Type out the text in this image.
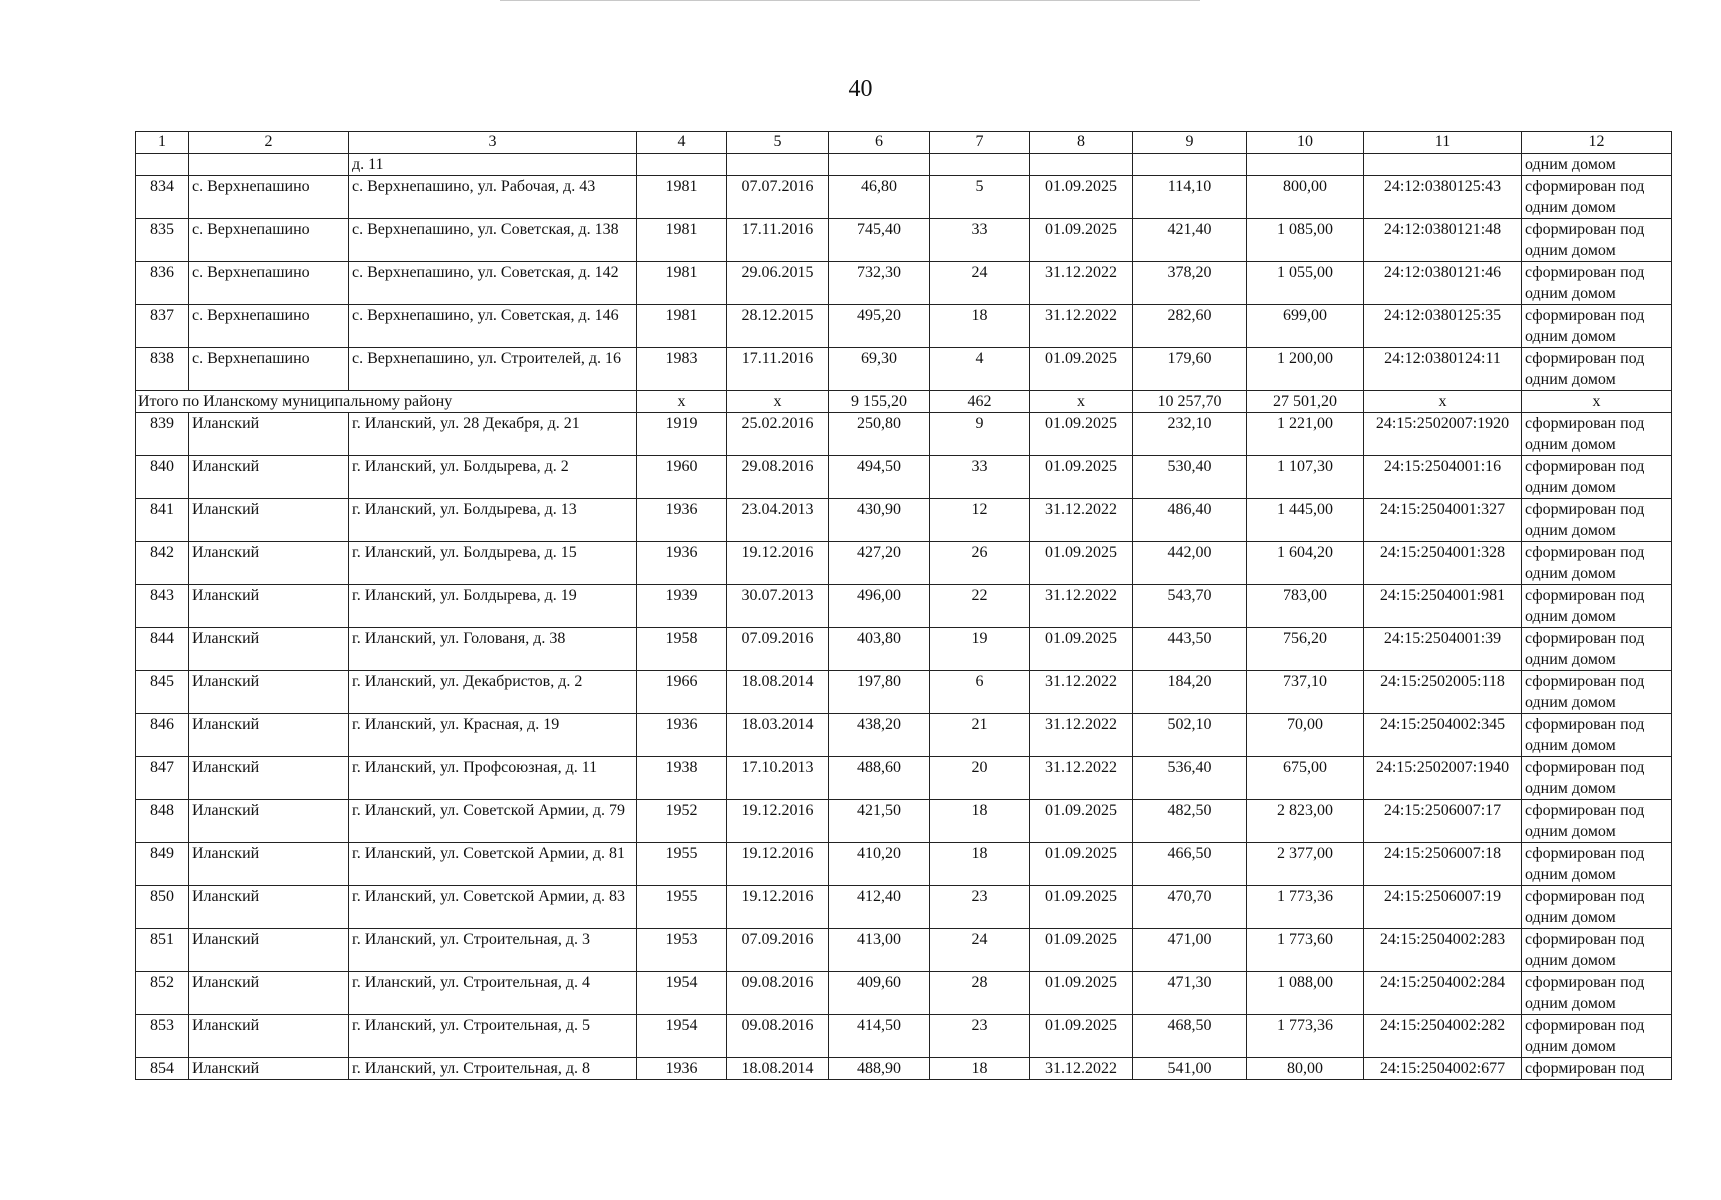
40
1	2	3	4	5	6	7	8	9	10	11	12
		д. 11									одним домом
834	с. Верхнепашино	с. Верхнепашино, ул. Рабочая, д. 43	1981	07.07.2016	46,80	5	01.09.2025	114,10	800,00	24:12:0380125:43	сформирован под одним домом
835	с. Верхнепашино	с. Верхнепашино, ул. Советская, д. 138	1981	17.11.2016	745,40	33	01.09.2025	421,40	1 085,00	24:12:0380121:48	сформирован под одним домом
836	с. Верхнепашино	с. Верхнепашино, ул. Советская, д. 142	1981	29.06.2015	732,30	24	31.12.2022	378,20	1 055,00	24:12:0380121:46	сформирован под одним домом
837	с. Верхнепашино	с. Верхнепашино, ул. Советская, д. 146	1981	28.12.2015	495,20	18	31.12.2022	282,60	699,00	24:12:0380125:35	сформирован под одним домом
838	с. Верхнепашино	с. Верхнепашино, ул. Строителей, д. 16	1983	17.11.2016	69,30	4	01.09.2025	179,60	1 200,00	24:12:0380124:11	сформирован под одним домом
Итого по Иланскому муниципальному району			х	х	9 155,20	462	х	10 257,70	27 501,20	х	х
839	Иланский	г. Иланский, ул. 28 Декабря, д. 21	1919	25.02.2016	250,80	9	01.09.2025	232,10	1 221,00	24:15:2502007:1920	сформирован под одним домом
840	Иланский	г. Иланский, ул. Болдырева, д. 2	1960	29.08.2016	494,50	33	01.09.2025	530,40	1 107,30	24:15:2504001:16	сформирован под одним домом
841	Иланский	г. Иланский, ул. Болдырева, д. 13	1936	23.04.2013	430,90	12	31.12.2022	486,40	1 445,00	24:15:2504001:327	сформирован под одним домом
842	Иланский	г. Иланский, ул. Болдырева, д. 15	1936	19.12.2016	427,20	26	01.09.2025	442,00	1 604,20	24:15:2504001:328	сформирован под одним домом
843	Иланский	г. Иланский, ул. Болдырева, д. 19	1939	30.07.2013	496,00	22	31.12.2022	543,70	783,00	24:15:2504001:981	сформирован под одним домом
844	Иланский	г. Иланский, ул. Голованя, д. 38	1958	07.09.2016	403,80	19	01.09.2025	443,50	756,20	24:15:2504001:39	сформирован под одним домом
845	Иланский	г. Иланский, ул. Декабристов, д. 2	1966	18.08.2014	197,80	6	31.12.2022	184,20	737,10	24:15:2502005:118	сформирован под одним домом
846	Иланский	г. Иланский, ул. Красная, д. 19	1936	18.03.2014	438,20	21	31.12.2022	502,10	70,00	24:15:2504002:345	сформирован под одним домом
847	Иланский	г. Иланский, ул. Профсоюзная, д. 11	1938	17.10.2013	488,60	20	31.12.2022	536,40	675,00	24:15:2502007:1940	сформирован под одним домом
848	Иланский	г. Иланский, ул. Советской Армии, д. 79	1952	19.12.2016	421,50	18	01.09.2025	482,50	2 823,00	24:15:2506007:17	сформирован под одним домом
849	Иланский	г. Иланский, ул. Советской Армии, д. 81	1955	19.12.2016	410,20	18	01.09.2025	466,50	2 377,00	24:15:2506007:18	сформирован под одним домом
850	Иланский	г. Иланский, ул. Советской Армии, д. 83	1955	19.12.2016	412,40	23	01.09.2025	470,70	1 773,36	24:15:2506007:19	сформирован под одним домом
851	Иланский	г. Иланский, ул. Строительная, д. 3	1953	07.09.2016	413,00	24	01.09.2025	471,00	1 773,60	24:15:2504002:283	сформирован под одним домом
852	Иланский	г. Иланский, ул. Строительная, д. 4	1954	09.08.2016	409,60	28	01.09.2025	471,30	1 088,00	24:15:2504002:284	сформирован под одним домом
853	Иланский	г. Иланский, ул. Строительная, д. 5	1954	09.08.2016	414,50	23	01.09.2025	468,50	1 773,36	24:15:2504002:282	сформирован под одним домом
854	Иланский	г. Иланский, ул. Строительная, д. 8	1936	18.08.2014	488,90	18	31.12.2022	541,00	80,00	24:15:2504002:677	сформирован под
